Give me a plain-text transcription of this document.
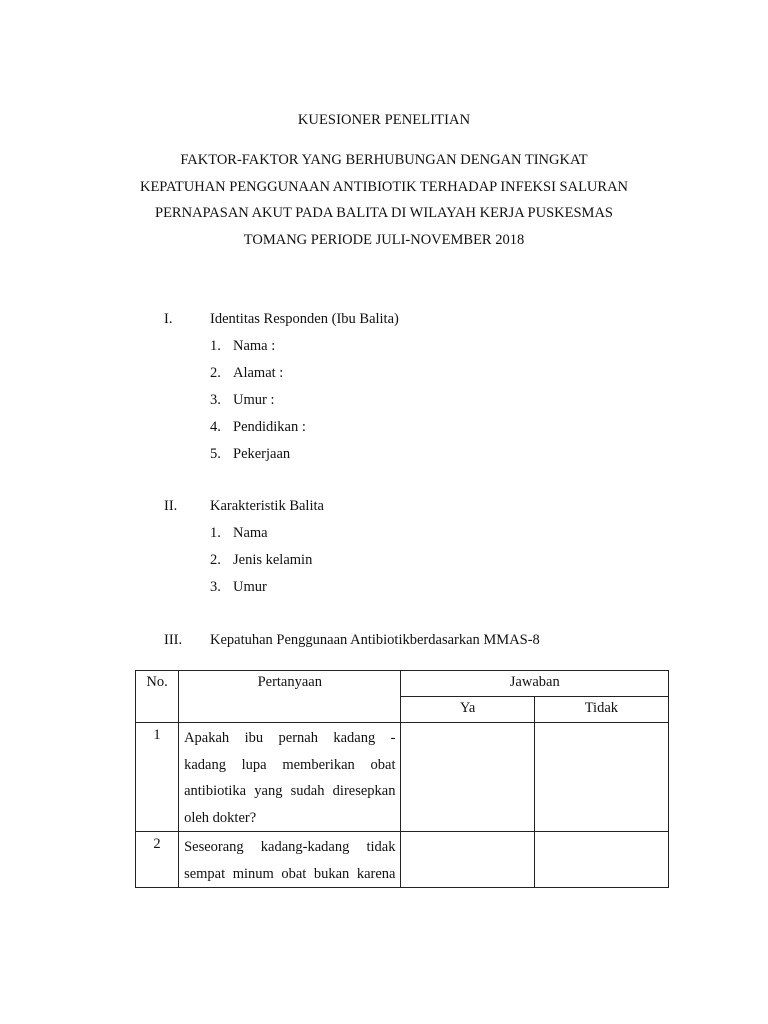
KUESIONER PENELITIAN
FAKTOR-FAKTOR YANG BERHUBUNGAN DENGAN TINGKAT
KEPATUHAN PENGGUNAAN ANTIBIOTIK TERHADAP INFEKSI SALURAN
PERNAPASAN AKUT PADA BALITA DI WILAYAH KERJA PUSKESMAS
TOMANG PERIODE JULI-NOVEMBER 2018
I.	Identitas Responden (Ibu Balita)
1. Nama :
2. Alamat :
3. Umur :
4. Pendidikan :
5. Pekerjaan
II. Karakteristik Balita
1. Nama
2. Jenis kelamin
3. Umur
III. Kepatuhan Penggunaan Antibiotikberdasarkan MMAS-8
No.	Pertanyaan	Jawaban	
		Ya	Tidak
1	Apakah ibu pernah kadang -
kadang lupa memberikan obat
antibiotika yang sudah diresepkan
oleh dokter?		

2	Seseorang kadang-kadang tidak
sempat minum obat bukan karena		
